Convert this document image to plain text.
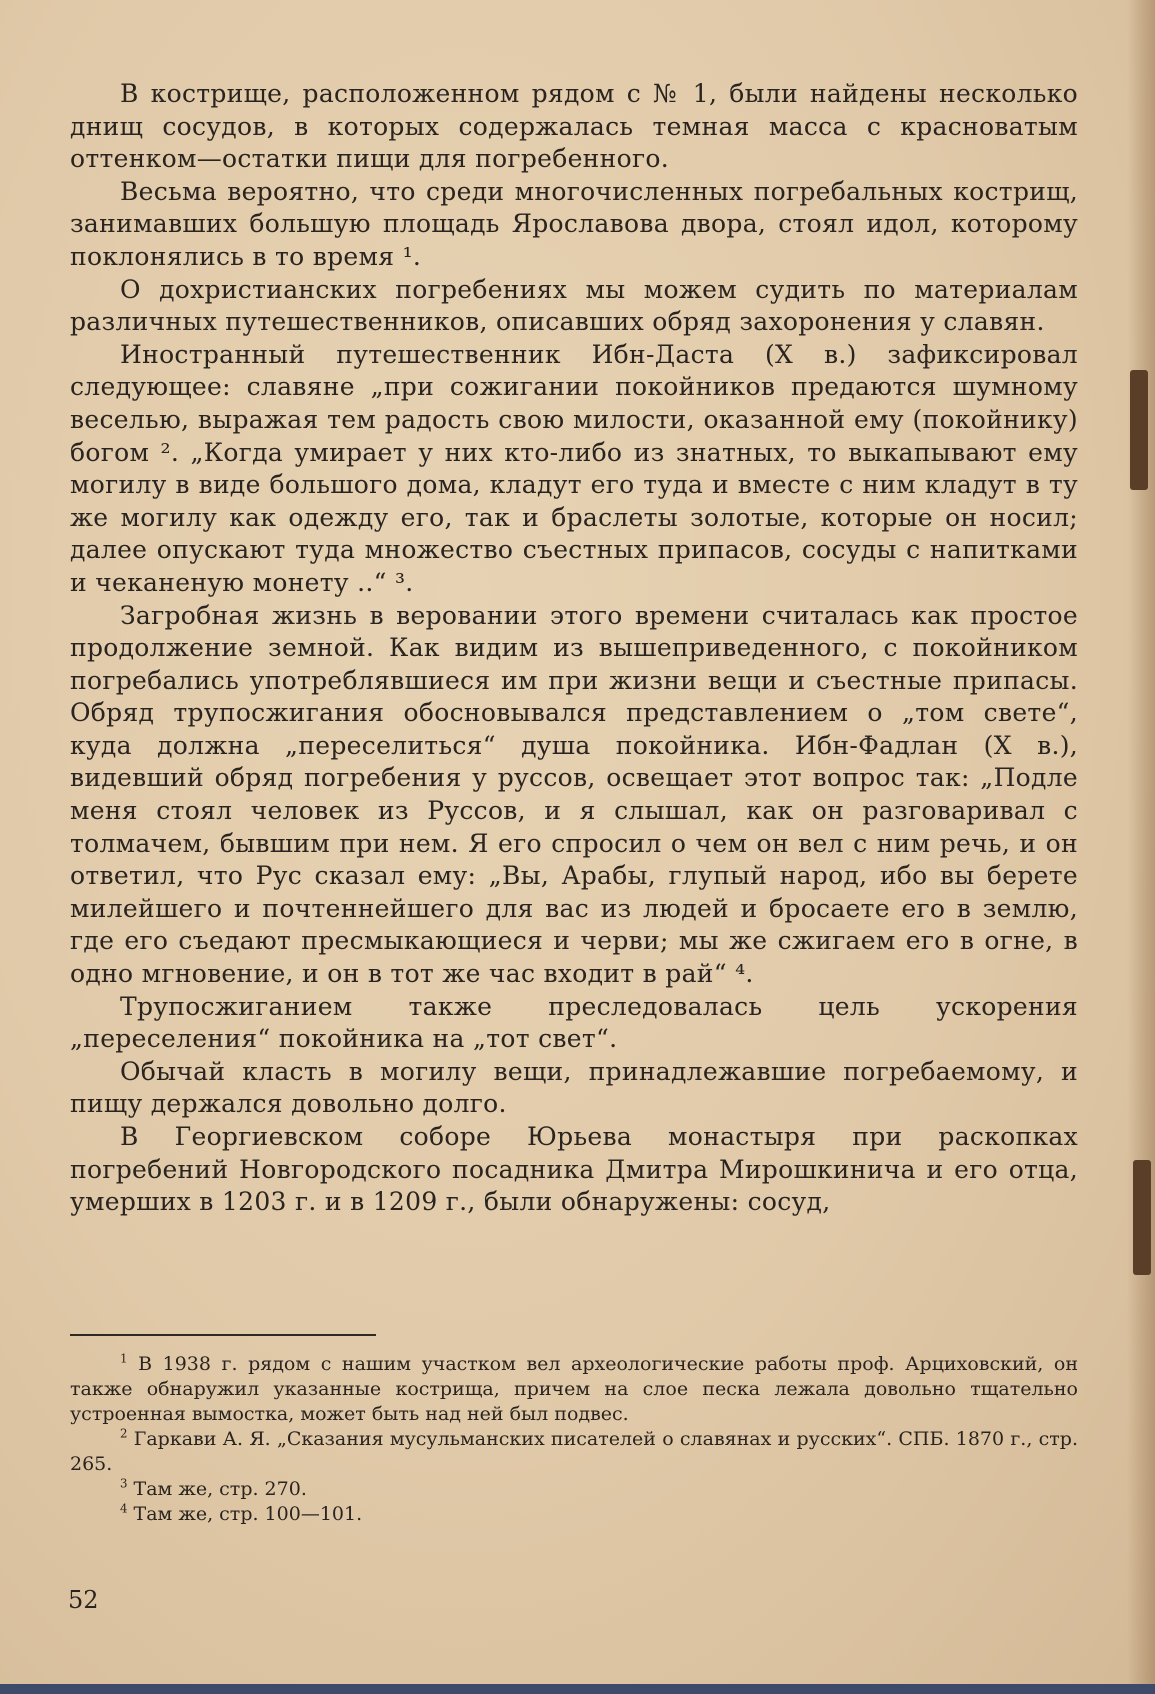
В кострище, расположенном рядом с № 1, были найдены несколько днищ сосудов, в которых содержалась темная масса с красноватым оттенком—остатки пищи для погребенного.

Весьма вероятно, что среди многочисленных погребальных кострищ, занимавших большую площадь Ярославова двора, стоял идол, которому поклонялись в то время ¹.

О дохристианских погребениях мы можем судить по материалам различных путешественников, описавших обряд захоронения у славян.

Иностранный путешественник Ибн-Даста (X в.) зафиксировал следующее: славяне „при сожигании покойников предаются шумному веселью, выражая тем радость свою милости, оказанной ему (покойнику) богом ². „Когда умирает у них кто-либо из знатных, то выкапывают ему могилу в виде большого дома, кладут его туда и вместе с ним кладут в ту же могилу как одежду его, так и браслеты золотые, которые он носил; далее опускают туда множество съестных припасов, сосуды с напитками и чеканеную монету ..“ ³.

Загробная жизнь в веровании этого времени считалась как простое продолжение земной. Как видим из вышеприведенного, с покойником погребались употреблявшиеся им при жизни вещи и съестные припасы. Обряд трупосжигания обосновывался представлением о „том свете“, куда должна „переселиться“ душа покойника. Ибн-Фадлан (X в.), видевший обряд погребения у руссов, освещает этот вопрос так: „Подле меня стоял человек из Руссов, и я слышал, как он разговаривал с толмачем, бывшим при нем. Я его спросил о чем он вел с ним речь, и он ответил, что Рус сказал ему: „Вы, Арабы, глупый народ, ибо вы берете милейшего и почтеннейшего для вас из людей и бросаете его в землю, где его съедают пресмыкающиеся и черви; мы же сжигаем его в огне, в одно мгновение, и он в тот же час входит в рай“ ⁴.

Трупосжиганием также преследовалась цель ускорения „переселения“ покойника на „тот свет“.

Обычай класть в могилу вещи, принадлежавшие погребаемому, и пищу держался довольно долго.

В Георгиевском соборе Юрьева монастыря при раскопках погребений Новгородского посадника Дмитра Мирошкинича и его отца, умерших в 1203 г. и в 1209 г., были обнаружены: сосуд,

$^1$ В 1938 г. рядом с нашим участком вел археологические работы проф. Арциховский, он также обнаружил указанные кострища, причем на слое песка лежала довольно тщательно устроенная вымостка, может быть над ней был подвес.

$^2$ Гаркави А. Я. „Сказания мусульманских писателей о славянах и русских“. СПБ. 1870 г., стр. 265.

$^3$ Там же, стр. 270.

$^4$ Там же, стр. 100—101.

52
